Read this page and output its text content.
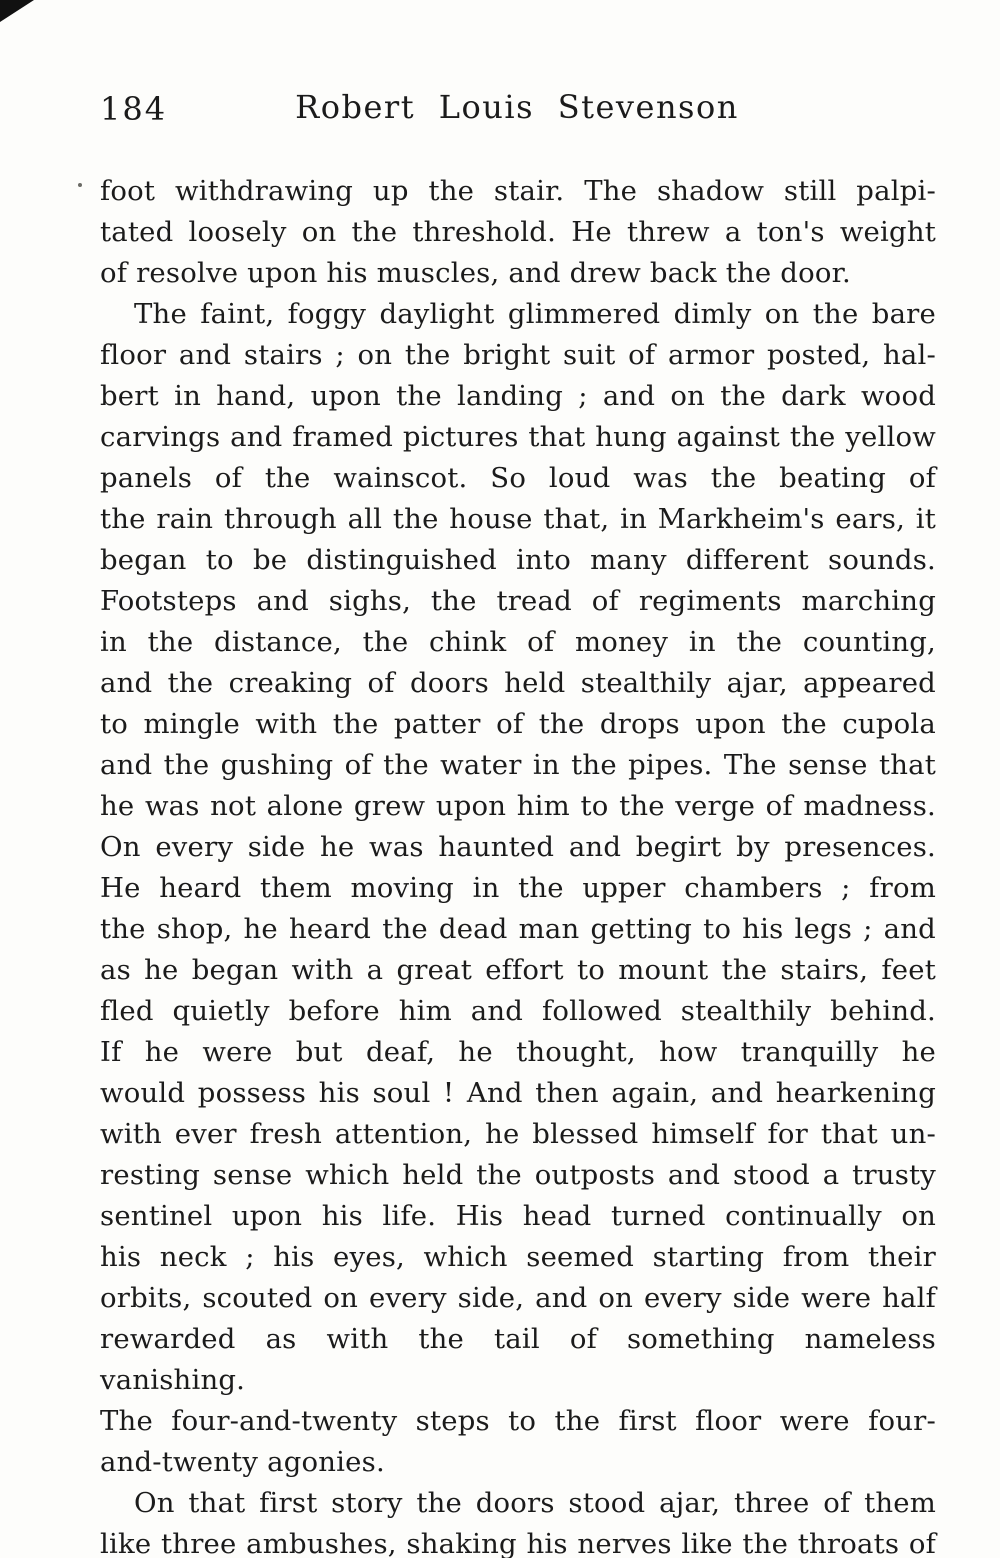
184	Robert Louis Stevenson
foot withdrawing up the stair. The shadow still palpi-
tated loosely on the threshold. He threw a ton's weight
of resolve upon his muscles, and drew back the door.
The faint, foggy daylight glimmered dimly on the bare
floor and stairs ; on the bright suit of armor posted, hal-
bert in hand, upon the landing ; and on the dark wood
carvings and framed pictures that hung against the yellow
panels of the wainscot. So loud was the beating of
the rain through all the house that, in Markheim's ears, it
began to be distinguished into many different sounds.
Footsteps and sighs, the tread of regiments marching
in the distance, the chink of money in the counting,
and the creaking of doors held stealthily ajar, appeared
to mingle with the patter of the drops upon the cupola
and the gushing of the water in the pipes. The sense that
he was not alone grew upon him to the verge of madness.
On every side he was haunted and begirt by presences.
He heard them moving in the upper chambers ; from
the shop, he heard the dead man getting to his legs ; and
as he began with a great effort to mount the stairs, feet
fled quietly before him and followed stealthily behind.
If he were but deaf, he thought, how tranquilly he
would possess his soul ! And then again, and hearkening
with ever fresh attention, he blessed himself for that un-
resting sense which held the outposts and stood a trusty
sentinel upon his life. His head turned continually on
his neck ; his eyes, which seemed starting from their
orbits, scouted on every side, and on every side were half
rewarded as with the tail of something nameless vanishing.
The four-and-twenty steps to the first floor were four-
and-twenty agonies.
On that first story the doors stood ajar, three of them
like three ambushes, shaking his nerves like the throats of
